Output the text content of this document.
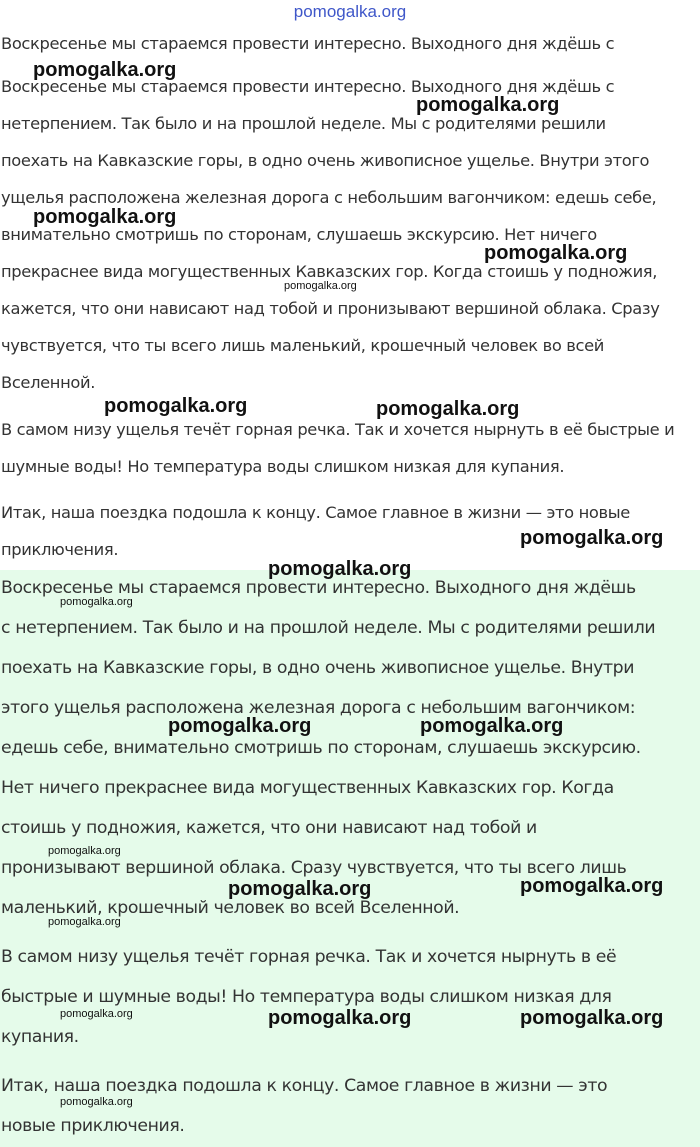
pomogalka.org
Воскресенье мы стараемся провести интересно. Выходного дня ждёшь с
Воскресенье мы стараемся провести интересно. Выходного дня ждёшь с
нетерпением. Так было и на прошлой неделе. Мы с родителями решили
поехать на Кавказские горы, в одно очень живописное ущелье. Внутри этого
ущелья расположена железная дорога с небольшим вагончиком: едешь себе,
внимательно смотришь по сторонам, слушаешь экскурсию. Нет ничего
прекраснее вида могущественных Кавказских гор. Когда стоишь у подножия,
кажется, что они нависают над тобой и пронизывают вершиной облака. Сразу
чувствуется, что ты всего лишь маленький, крошечный человек во всей
Вселенной.
В самом низу ущелья течёт горная речка. Так и хочется нырнуть в её быстрые и
шумные воды! Но температура воды слишком низкая для купания.
Итак, наша поездка подошла к концу. Самое главное в жизни — это новые
приключения.
Воскресенье мы стараемся провести интересно. Выходного дня ждёшь
с нетерпением. Так было и на прошлой неделе. Мы с родителями решили
поехать на Кавказские горы, в одно очень живописное ущелье. Внутри
этого ущелья расположена железная дорога с небольшим вагончиком:
едешь себе, внимательно смотришь по сторонам, слушаешь экскурсию.
Нет ничего прекраснее вида могущественных Кавказских гор. Когда
стоишь у подножия, кажется, что они нависают над тобой и
пронизывают вершиной облака. Сразу чувствуется, что ты всего лишь
маленький, крошечный человек во всей Вселенной.
В самом низу ущелья течёт горная речка. Так и хочется нырнуть в её
быстрые и шумные воды! Но температура воды слишком низкая для
купания.
Итак, наша поездка подошла к концу. Самое главное в жизни — это
новые приключения.
pomogalka.org
pomogalka.org
pomogalka.org
pomogalka.org
pomogalka.org
pomogalka.org	pomogalka.org
pomogalka.org
pomogalka.org
pomogalka.org
pomogalka.org	pomogalka.org
pomogalka.org
pomogalka.org	pomogalka.org
pomogalka.org
pomogalka.org	pomogalka.org	pomogalka.org
pomogalka.org
